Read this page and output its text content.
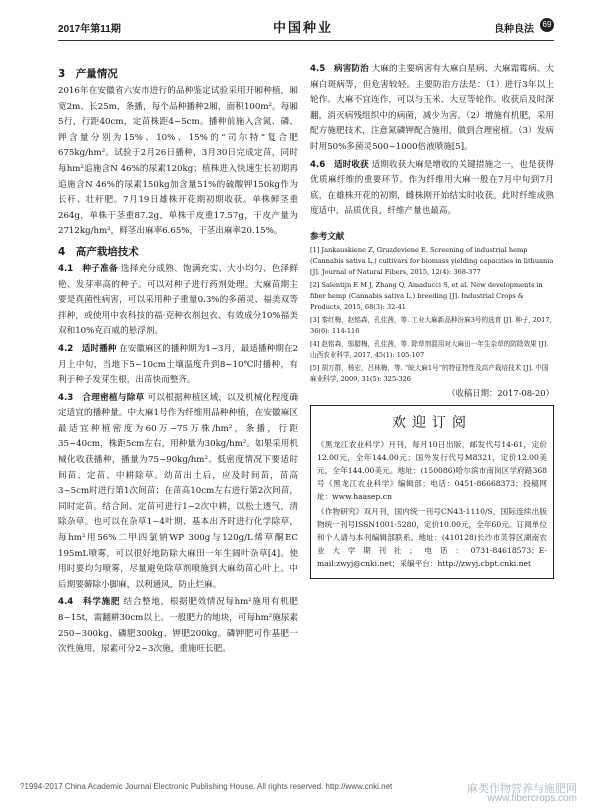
2017年第11期	中国种业	良种良法	69
3　产量情况

2016年在安徽省六安市进行的品种鉴定试验采用开厢种植，厢宽2m、长25m，条播，每个品种播种2厢，面积100m²。每厢5行，行距40cm，定苗株距4~5cm。播种前施入含氮、磷、钾含量分别为15%、10%、15%的“司尔特”复合肥675kg/hm²。试验于2月26日播种，3月30日完成定苗，同时每hm²追施含N 46%的尿素120kg；植株进入快速生长初期再追施含N 46%的尿素150kg加含量51%的硫酸钾150kg作为长秆、壮秆肥。7月19日雄株开花期初期收获。单株鲜茎重264g，单株干茎重87.2g，单株干皮重17.57g，干皮产量为2712kg/hm²，鲜茎出麻率6.65%，干茎出麻率20.15%。

4　高产栽培技术

4.1　种子准备 选择充分成熟、饱满充实、大小均匀、色泽鲜艳、发芽率高的种子。可以对种子进行药剂处理。大麻苗期主要是真菌性病害，可以采用种子重量0.3%的多菌灵、福美双等拌种，或使用中农科技的福·克种衣剂包衣、有效成分10%福美双和10%克百威的悬浮剂。

4.2　适时播种 在安徽麻区的播种期为1~3月，最适播种期在2月上中旬，当地下5~10cm土壤温度升到8~10℃时播种，有利于种子发芽生根，出苗快而整齐。

4.3　合理密植与除草 可以根据种植区域，以及机械化程度确定适宜的播种量。中大麻1号作为纤维用品种种植，在安徽麻区最适宜种植密度为60万~75万株/hm²，条播，行距35~40cm，株距5cm左右，用种量为30kg/hm²。如果采用机械化收获播种，播量为75~90kg/hm²。低密度情况下要适时间苗、定苗、中耕除草。幼苗出土后，应及时间苗，苗高3~5cm时进行第1次间苗；在苗高10cm左右进行第2次间苗，同时定苗。结合间、定苗可进行1~2次中耕，以松土透气，清除杂草。也可以在杂草1~4叶期、基本出齐时进行化学除草，每hm²用56%二甲四氯钠WP 300g与120g/L烯草酮EC 195mL喷雾，可以很好地防除大麻田一年生阔叶杂草[4]。使用时要均匀喷雾，尽量避免除草剂喷施到大麻幼苗心叶上。中后期要薅除小脚麻，以利通风，防止烂麻。

4.4　科学施肥 结合整地，根据肥效情况每hm²施用有机肥8~15t，需翻耕30cm以上。一般肥力的地块，可每hm²施尿素250~300kg、磷肥300kg、钾肥200kg。磷钾肥可作基肥一次性施用，尿素可分2~3次施，重施旺长肥。

4.5　病害防治 大麻的主要病害有大麻白星病、大麻霜霉病、大麻白斑病等，但危害较轻。主要防治方法是：（1）进行3年以上轮作。大麻不宜连作，可以与玉米、大豆等轮作。收获后及时深翻，消灭病残组织中的病菌，减少为害。（2）增施有机肥，采用配方施肥技术，注意氮磷钾配合施用，做到合理密植。（3）发病时用50%多菌灵500~1000倍液喷施[5]。

4.6　适时收获 适期收获大麻是增收的关键措施之一，也是获得优质麻纤维的重要环节。作为纤维用大麻一般在7月中旬到7月底，在雄株开花的初期，雌株刚开始结实时收获。此时纤维成熟度适中，品质优良，纤维产量也最高。

参考文献
[1] Jankauskiene Z, Gruzdeviene E. Screening of industrial hemp (Cannabis sativa L.) cultivars for biomass yielding capacities in lithuania [J]. Journal of Natural Fibers, 2015, 12(4): 368-377
[2] Salentijn E M J, Zhang Q, Amaducci S, et al. New developments in fiber hemp (Cannabis sativa L.) breeding [J]. Industrial Crops & Products, 2015, 68(3): 32-41
[3] 秦红梅，赵铭森，孔佳茜，等. 工业大麻新品种汾麻3号的选育 [J]. 种子, 2017, 36(6): 114-116
[4] 赵铭森，邬腊梅，孔佳茜，等. 除草剂混用对大麻田一年生杂草的防除效果 [J]. 山西农业科学, 2017, 45(1): 105-107
[5] 胡万群，杨宏，吕林梅，等. “皖大麻1号”的特征特性及高产栽培技术 [J]. 中国麻业科学, 2009, 31(5): 325-326
（收稿日期：2017-08-20）
欢迎订阅

《黑龙江农业科学》月刊，每月10日出版，邮发代号14-61，定价12.00元，全年144.00元；国外发行代号M8321，定价12.00美元，全年144.00美元。地址：(150086)哈尔滨市南岗区学府路368号《黑龙江农业科学》编辑部；电话：0451-86668373；投稿网址：www.haasep.cn

《作物研究》双月刊，国内统一刊号CN43-1110/S，国际连续出版物统一刊号ISSN1001-5280，定价10.00元，全年60元。订阅单位和个人请与本刊编辑部联系。地址：(410128)长沙市芙蓉区湖南农业大学期刊社；电话：0731-84618573；E-mail:zwyj@cnki.net；采编平台：http://zwyj.cbpt.cnki.net

?1994-2017 China Academic Journal Electronic Publishing House. All rights reserved. http://www.cnki.net	麻类作物营养与施肥网
www.fibercrops.com
